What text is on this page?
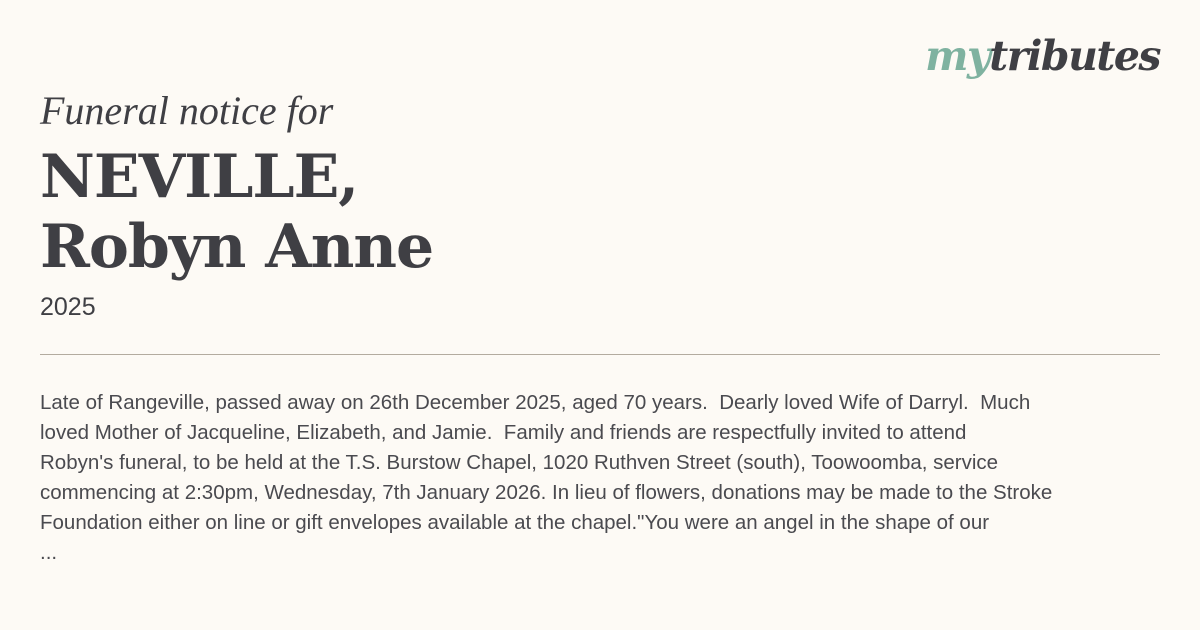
mytributes

Funeral notice for

NEVILLE,
Robyn Anne

2025

Late of Rangeville, passed away on 26th December 2025, aged 70 years.  Dearly loved Wife of Darryl.  Much
loved Mother of Jacqueline, Elizabeth, and Jamie.  Family and friends are respectfully invited to attend
Robyn's funeral, to be held at the T.S. Burstow Chapel, 1020 Ruthven Street (south), Toowoomba, service
commencing at 2:30pm, Wednesday, 7th January 2026. In lieu of flowers, donations may be made to the Stroke
Foundation either on line or gift envelopes available at the chapel."You were an angel in the shape of our
...
